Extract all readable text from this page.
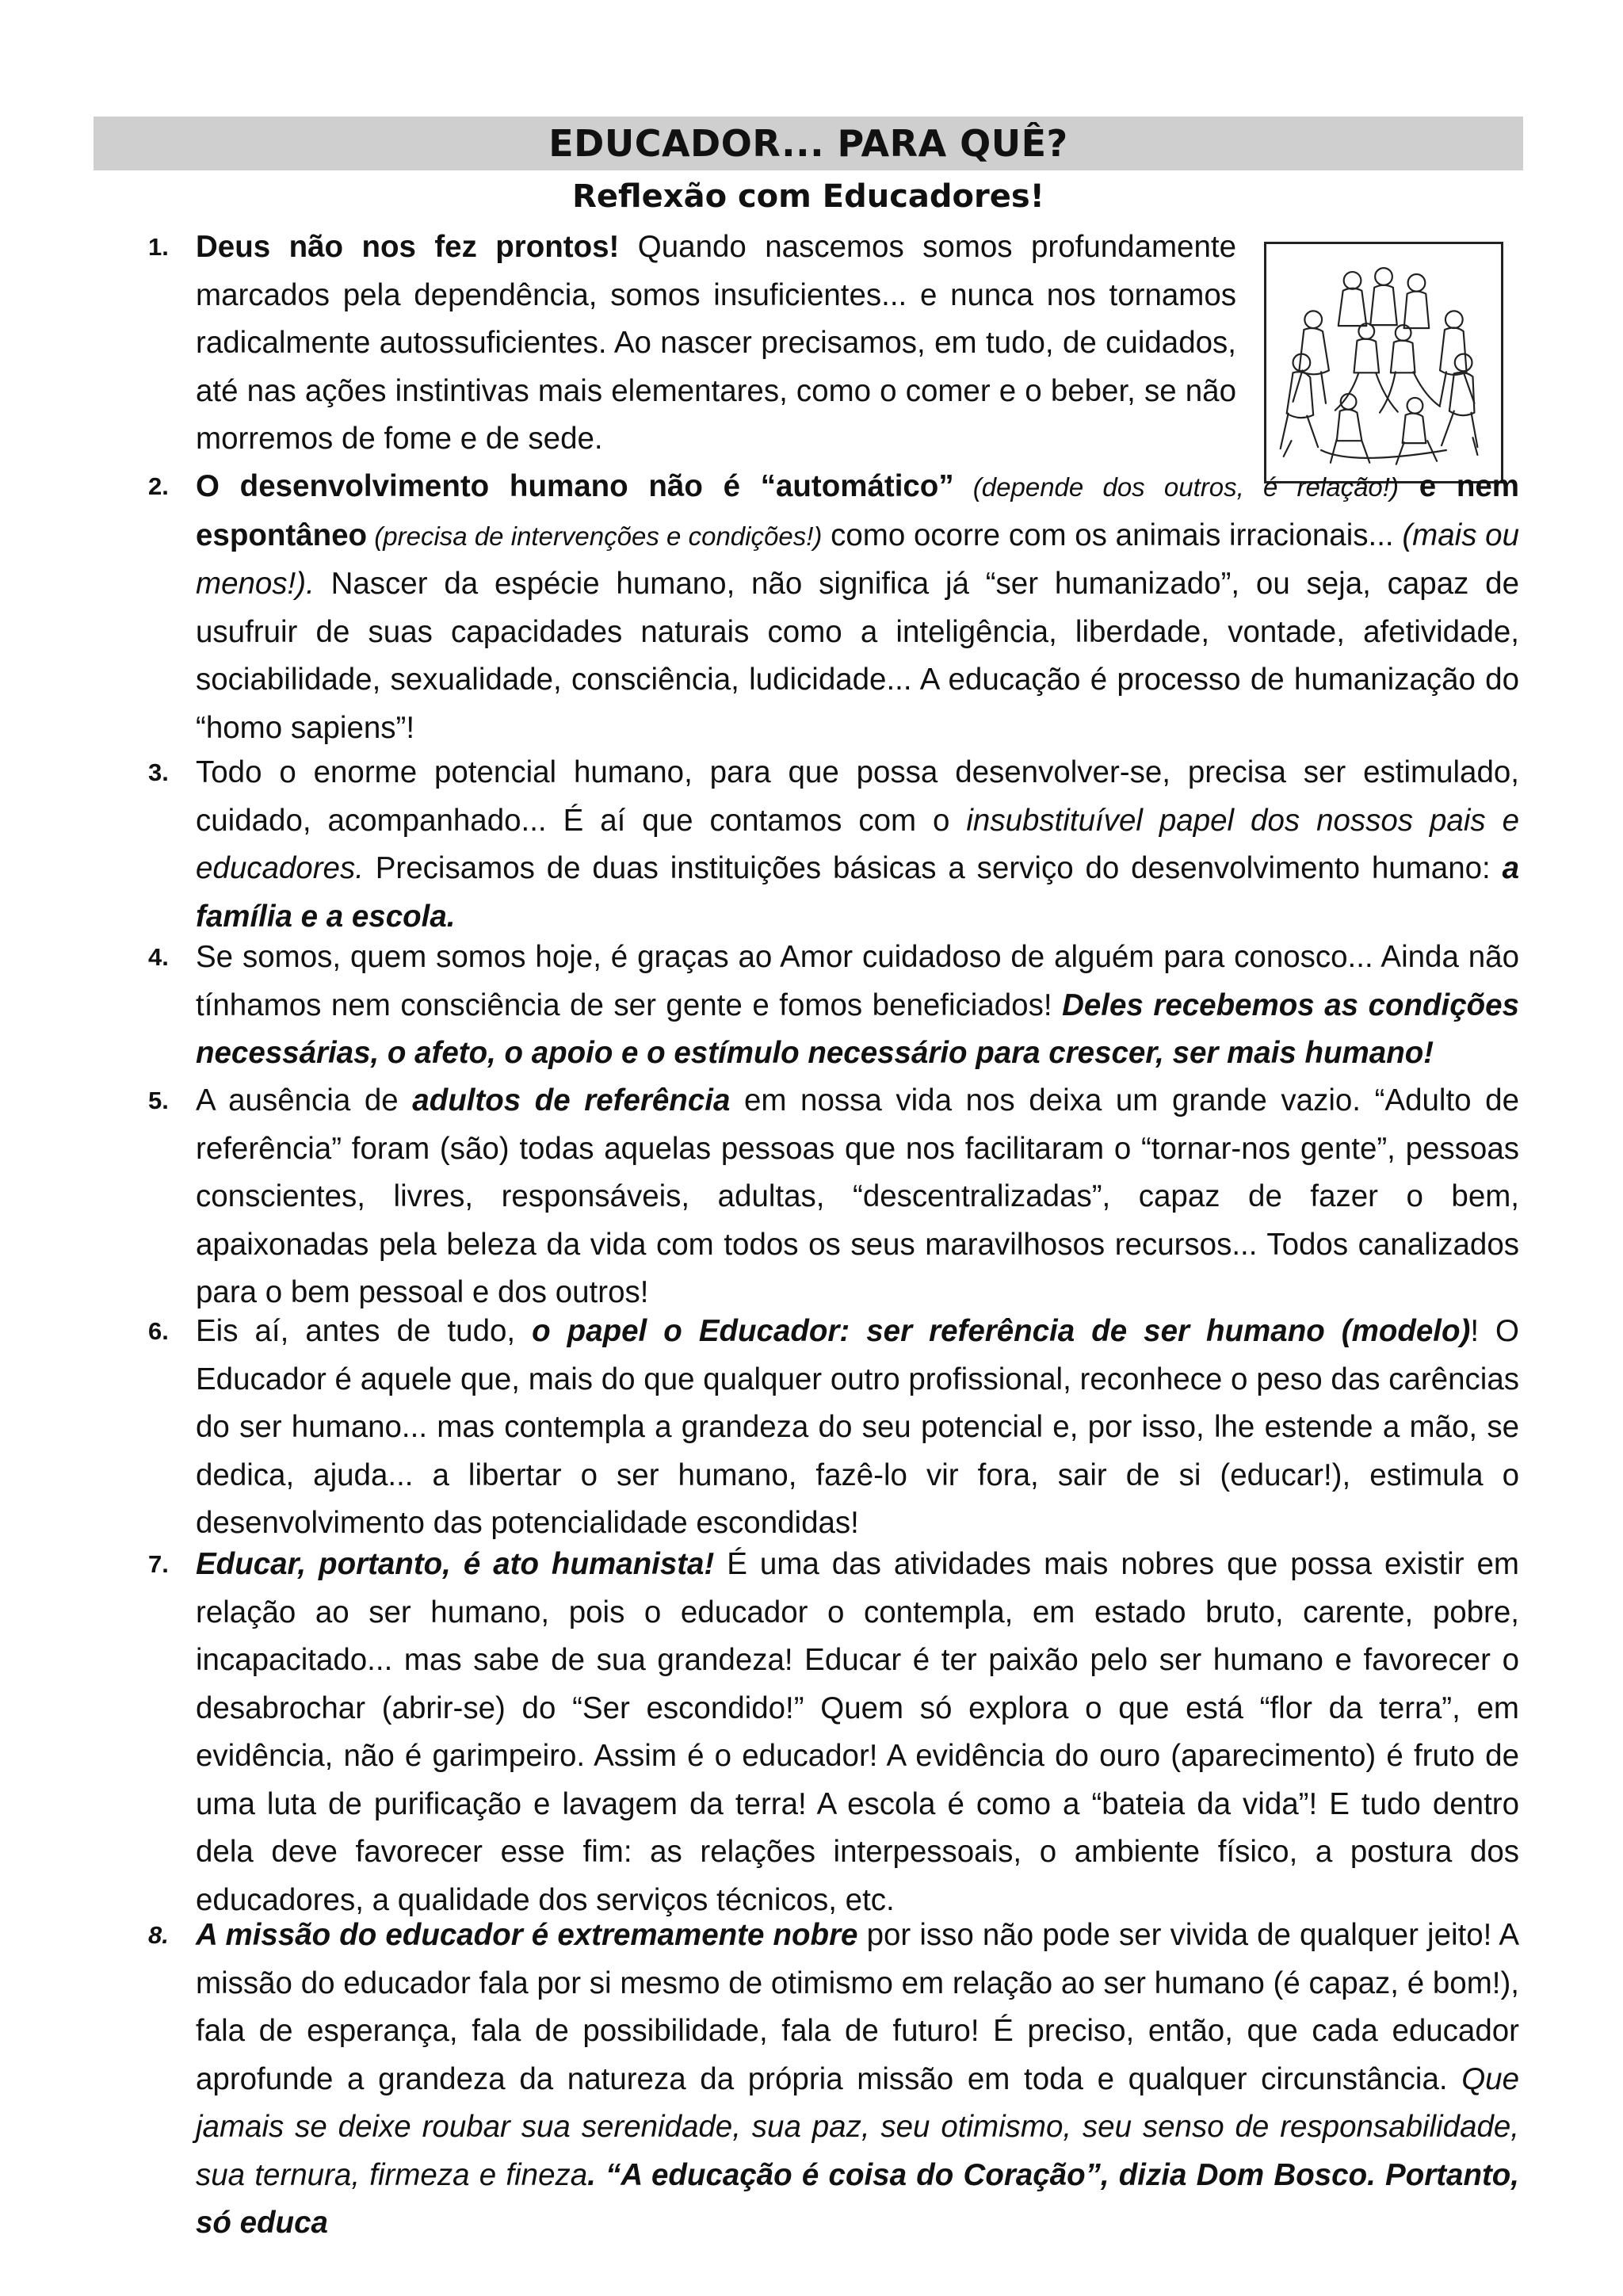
EDUCADOR... PARA QUÊ?
Reflexão com Educadores!
1. Deus não nos fez prontos! Quando nascemos somos profundamente marcados pela dependência, somos insuficientes... e nunca nos tornamos radicalmente autossuficientes. Ao nascer precisamos, em tudo, de cuidados, até nas ações instintivas mais elementares, como o comer e o beber, se não morremos de fome e de sede.
2. O desenvolvimento humano não é “automático” (depende dos outros, é relação!) e nem espontâneo (precisa de intervenções e condições!) como ocorre com os animais irracionais... (mais ou menos!). Nascer da espécie humano, não significa já “ser humanizado”, ou seja, capaz de usufruir de suas capacidades naturais como a inteligência, liberdade, vontade, afetividade, sociabilidade, sexualidade, consciência, ludicidade... A educação é processo de humanização do “homo sapiens”!
3. Todo o enorme potencial humano, para que possa desenvolver-se, precisa ser estimulado, cuidado, acompanhado... É aí que contamos com o insubstituível papel dos nossos pais e educadores. Precisamos de duas instituições básicas a serviço do desenvolvimento humano: a família e a escola.
4. Se somos, quem somos hoje, é graças ao Amor cuidadoso de alguém para conosco... Ainda não tínhamos nem consciência de ser gente e fomos beneficiados! Deles recebemos as condições necessárias, o afeto, o apoio e o estímulo necessário para crescer, ser mais humano!
5. A ausência de adultos de referência em nossa vida nos deixa um grande vazio. “Adulto de referência” foram (são) todas aquelas pessoas que nos facilitaram o “tornar-nos gente”, pessoas conscientes, livres, responsáveis, adultas, “descentralizadas”, capaz de fazer o bem, apaixonadas pela beleza da vida com todos os seus maravilhosos recursos... Todos canalizados para o bem pessoal e dos outros!
6. Eis aí, antes de tudo, o papel o Educador: ser referência de ser humano (modelo)! O Educador é aquele que, mais do que qualquer outro profissional, reconhece o peso das carências do ser humano... mas contempla a grandeza do seu potencial e, por isso, lhe estende a mão, se dedica, ajuda... a libertar o ser humano, fazê-lo vir fora, sair de si (educar!), estimula o desenvolvimento das potencialidade escondidas!
7. Educar, portanto, é ato humanista! É uma das atividades mais nobres que possa existir em relação ao ser humano, pois o educador o contempla, em estado bruto, carente, pobre, incapacitado... mas sabe de sua grandeza! Educar é ter paixão pelo ser humano e favorecer o desabrochar (abrir-se) do “Ser escondido!” Quem só explora o que está “flor da terra”, em evidência, não é garimpeiro. Assim é o educador! A evidência do ouro (aparecimento) é fruto de uma luta de purificação e lavagem da terra! A escola é como a “bateia da vida”! E tudo dentro dela deve favorecer esse fim: as relações interpessoais, o ambiente físico, a postura dos educadores, a qualidade dos serviços técnicos, etc.
8. A missão do educador é extremamente nobre por isso não pode ser vivida de qualquer jeito! A missão do educador fala por si mesmo de otimismo em relação ao ser humano (é capaz, é bom!), fala de esperança, fala de possibilidade, fala de futuro! É preciso, então, que cada educador aprofunde a grandeza da natureza da própria missão em toda e qualquer circunstância. Que jamais se deixe roubar sua serenidade, sua paz, seu otimismo, seu senso de responsabilidade, sua ternura, firmeza e fineza. “A educação é coisa do Coração”, dizia Dom Bosco. Portanto, só educa
